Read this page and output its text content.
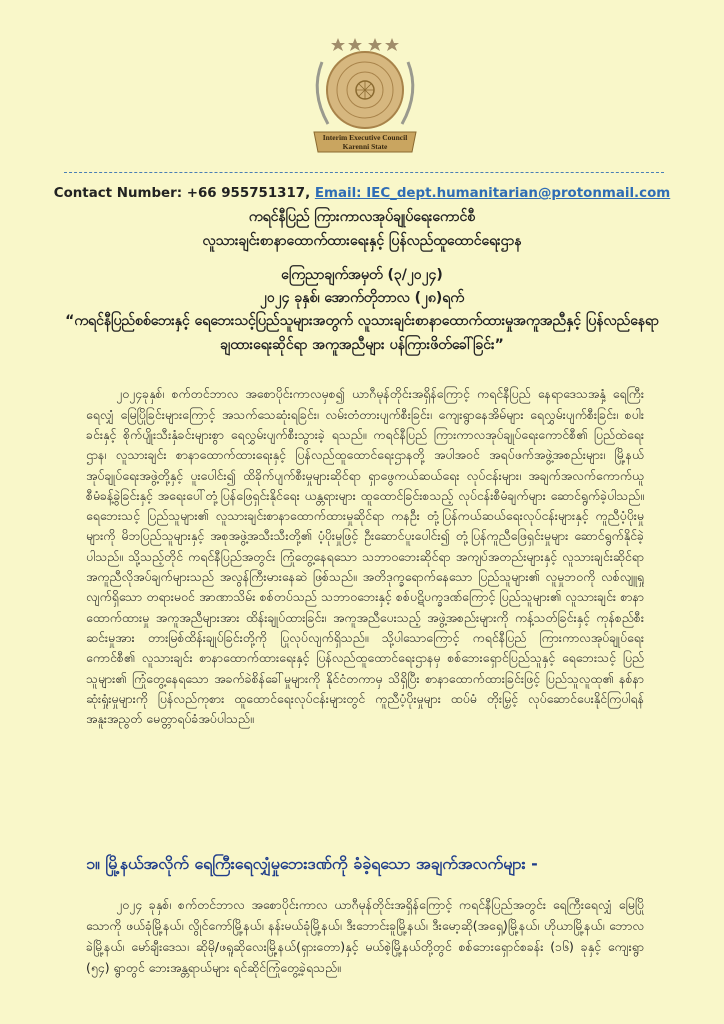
Interim Executive Council
Karenni State
Contact Number: +66 955751317, Email: IEC_dept.humanitarian@protonmail.com
ကရင်နီပြည် ကြားကာလအုပ်ချုပ်ရေးကောင်စီ
လူသားချင်းစာနာထောက်ထားရေးနှင့် ပြန်လည်ထူထောင်ရေးဌာန
ကြေညာချက်အမှတ် (၃/၂၀၂၄)
၂၀၂၄ ခုနှစ်၊ အောက်တိုဘာလ (၂၈)ရက်
“ကရင်နီပြည်စစ်ဘေးနှင့် ရေဘေးသင့်ပြည်သူများအတွက် လူသားချင်းစာနာထောက်ထားမှုအကူအညီနှင့် ပြန်လည်နေရာ
ချထားရေးဆိုင်ရာ အကူအညီများ ပန်ကြားဖိတ်ခေါ်ခြင်း”

၂၀၂၄ခုနှစ်၊ စက်တင်ဘာလ အစောပိုင်းကာလမှစ၍ ယာဂီမုန်တိုင်းအရှိန်ကြောင့် ကရင်နီပြည် နေရာဒေသအနှံ့ ရေကြီးရေလျှံ မြေပြိုခြင်းများကြောင့် အသက်သေဆုံးရခြင်း၊ လမ်းတံတားပျက်စီးခြင်း၊ ကျေးရွာနေအိမ်များ ရေလွှမ်းပျက်စီးခြင်း၊ စပါးခင်းနှင့် စိုက်ပျိုးသီးနှံခင်းများစွာ ရေလွှမ်းပျက်စီးသွားခဲ့ ရသည်။ ကရင်နီပြည် ကြားကာလအုပ်ချုပ်ရေးကောင်စီ၏ ပြည်ထဲရေးဌာန၊ လူသားချင်း စာနာထောက်ထားရေးနှင့် ပြန်လည်ထူထောင်ရေးဌာနတို့ အပါအဝင် အရပ်ဖက်အဖွဲ့အစည်းများ၊ မြို့နယ်အုပ်ချုပ်ရေးအဖွဲ့တို့နှင့် ပူးပေါင်း၍ ထိခိုက်ပျက်စီးမှုများဆိုင်ရာ ရှာဖွေကယ်ဆယ်ရေး လုပ်ငန်းများ၊ အချက်အလက်ကောက်ယူ စီမံခန့်ခွဲခြင်းနှင့် အရေးပေါ်တုံ့ပြန်ဖြေရှင်းနိုင်ရေး ယန္တရားများ ထူထောင်ခြင်းစသည့် လုပ်ငန်းစီမံချက်များ ဆောင်ရွက်ခဲ့ပါသည်။ ရေဘေးသင့် ပြည်သူများ၏ လူသားချင်းစာနာထောက်ထားမှုဆိုင်ရာ ကနဦး တုံ့ပြန်ကယ်ဆယ်ရေးလုပ်ငန်းများနှင့် ကူညီပံ့ပိုးမှုများကို မိဘပြည်သူများနှင့် အစုအဖွဲ့အသီးသီးတို့၏ ပံ့ပိုးမှုဖြင့် ဦးဆောင်ပူးပေါင်း၍ တုံ့ပြန်ကူညီဖြေရှင်းမှုများ ဆောင်ရွက်နိုင်ခဲ့ပါသည်။ သို့သည့်တိုင် ကရင်နီပြည်အတွင်း ကြုံတွေ့နေရသော သဘာဝဘေးဆိုင်ရာ အကျပ်အတည်းများနှင့် လူသားချင်းဆိုင်ရာ အကူညီလိုအပ်ချက်များသည် အလွန်ကြီးမားနေဆဲ ဖြစ်သည်။ အတိဒုက္ခရောက်နေသော ပြည်သူများ၏ လူမှုဘဝကို လစ်လျူရှုလျက်ရှိသော တရားမဝင် အာဏာသိမ်း စစ်တပ်သည် သဘာဝဘေးနှင့် စစ်ပဋိပက္ခဒဏ်ကြောင့် ပြည်သူများ၏ လူသားချင်း စာနာထောက်ထားမှု အကူအညီများအား ထိန်းချုပ်ထားခြင်း၊ အကူအညီပေးသည့် အဖွဲ့အစည်းများကို ကန့်သတ်ခြင်းနှင့် ကုန်စည်စီးဆင်းမှုအား တားမြစ်ထိန်းချုပ်ခြင်းတို့ကို ပြုလုပ်လျက်ရှိသည်။ သို့ပါသောကြောင့် ကရင်နီပြည် ကြားကာလအုပ်ချုပ်ရေးကောင်စီ၏ လူသားချင်း စာနာထောက်ထားရေးနှင့် ပြန်လည်ထူထောင်ရေးဌာနမှ စစ်ဘေးရှောင်ပြည်သူနှင့် ရေဘေးသင့် ပြည်သူများ၏ ကြုံတွေ့နေရသော အခက်ခဲစိန်ခေါ်မှုများကို နိုင်ငံတကာမှ သိရှိပြီး စာနာထောက်ထားခြင်းဖြင့် ပြည်သူလူထု၏ နစ်နာဆုံးရှုံးမှုများကို ပြန်လည်ကုစား ထူထောင်ရေးလုပ်ငန်းများတွင် ကူညီပံ့ပိုးမှုများ ထပ်မံ တိုးမြှင့် လုပ်ဆောင်ပေးနိုင်ကြပါရန် အနူးအညွတ် မေတ္တာရပ်ခံအပ်ပါသည်။

၁။ မြို့နယ်အလိုက် ရေကြီးရေလျှံမှုဘေးဒဏ်ကို ခံခဲ့ရသော အချက်အလက်များ -

၂၀၂၄ ခုနှစ်၊ စက်တင်ဘာလ အစောပိုင်းကာလ ယာဂီမုန်တိုင်းအရှိန်ကြောင့် ကရင်နီပြည်အတွင်း ရေကြီးရေလျှံ မြေပြိုသောကို ဖယ်ခုံမြို့နယ်၊ လွိုင်ကော်မြို့နယ်၊ နန်းမယ်ခုံမြို့နယ်၊ ဒီးဘောင်းခူမြို့နယ်၊ ဒီးမော့ဆို(အရှေ့)မြို့နယ်၊ ဟိုယာမြို့နယ်၊ ဘောလခဲမြို့နယ်၊ မော်ချီးဒေသ၊ ဆိုမို/ဖရူဆိုလေးမြို့နယ်(ရှားတော)နှင့် မယ်စဲ့မြို့နယ်တို့တွင် စစ်ဘေးရှောင်စခန်း (၁၆) ခုနှင့် ကျေးရွာ (၅၄) ရွာတွင် ဘေးအန္တရာယ်များ ရင်ဆိုင်ကြုံတွေ့ခဲ့ရသည်။
